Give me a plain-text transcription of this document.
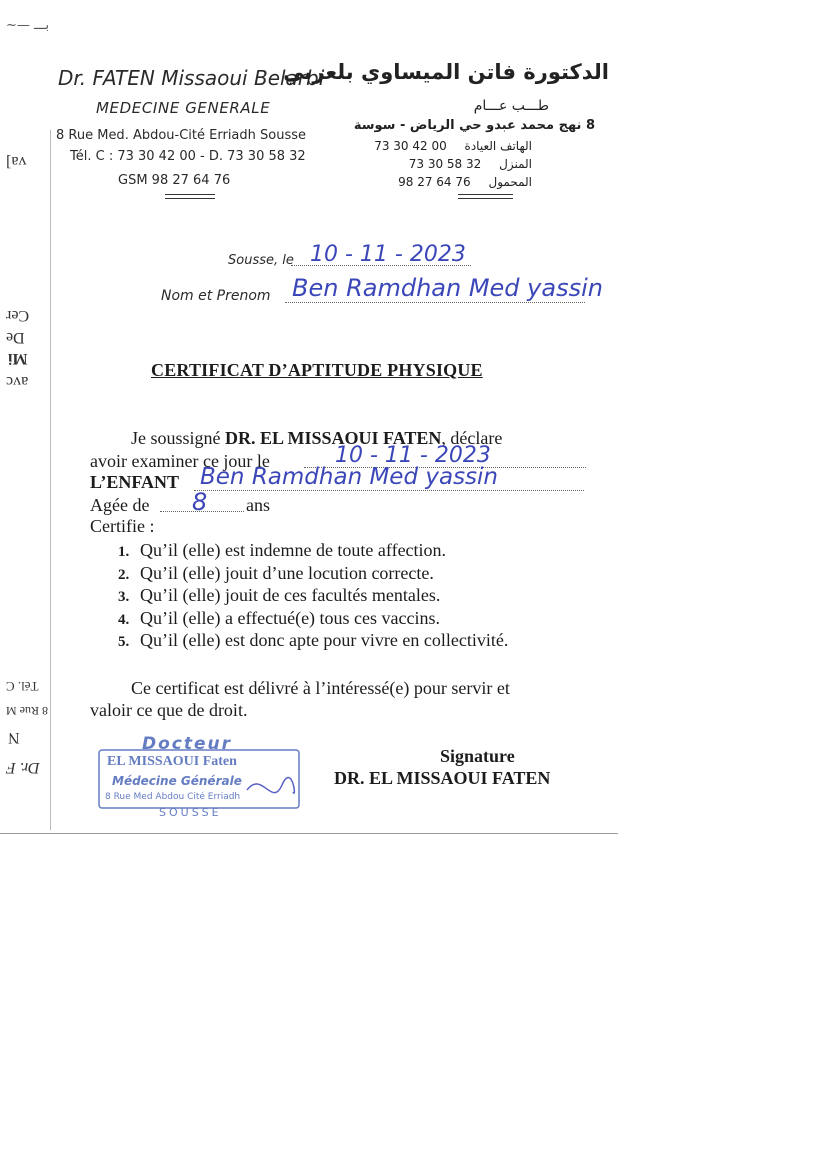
~— بـــ
Dr. FATEN Missaoui Belarbi
MEDECINE GENERALE
8 Rue Med. Abdou-Cité Erriadh Sousse
Tél. C : 73 30 42 00 - D. 73 30 58 32
GSM 98 27 64 76
الدكتورة فاتن الميساوي بلعربي
طـــب عـــام
8 نهج محمد عبدو حي الرياض - سوسة
الهاتف العيادة 73 30 42 00
المنزل 73 30 58 32
المحمول 98 27 64 76
Sousse, le 10 - 11 - 2023
Nom et Prenom Ben Ramdhan Med yassin
CERTIFICAT D’APTITUDE PHYSIQUE
Je soussigné DR. EL MISSAOUI FATEN, déclare
avoir examiner ce jour le	10 - 11 - 2023
L’ENFANT Ben Ramdhan Med yassin
Agée de 8 ans
Certifie :
1. Qu’il (elle) est indemne de toute affection.
2. Qu’il (elle) jouit d’une locution correcte.
3. Qu’il (elle) jouit de ces facultés mentales.
4. Qu’il (elle) a effectué(e) tous ces vaccins.
5. Qu’il (elle) est donc apte pour vivre en collectivité.
Ce certificat est délivré à l’intéressé(e) pour servir et
valoir ce que de droit.
Docteur
EL MISSAOUI Faten
Médecine Générale
8 Rue Med Abdou Cité Erriadh
SOUSSE
Signature
DR. EL MISSAOUI FATEN
va]
Cer
De
Mi
avc
Tél. C
8 Rue M
N
Dr. F
